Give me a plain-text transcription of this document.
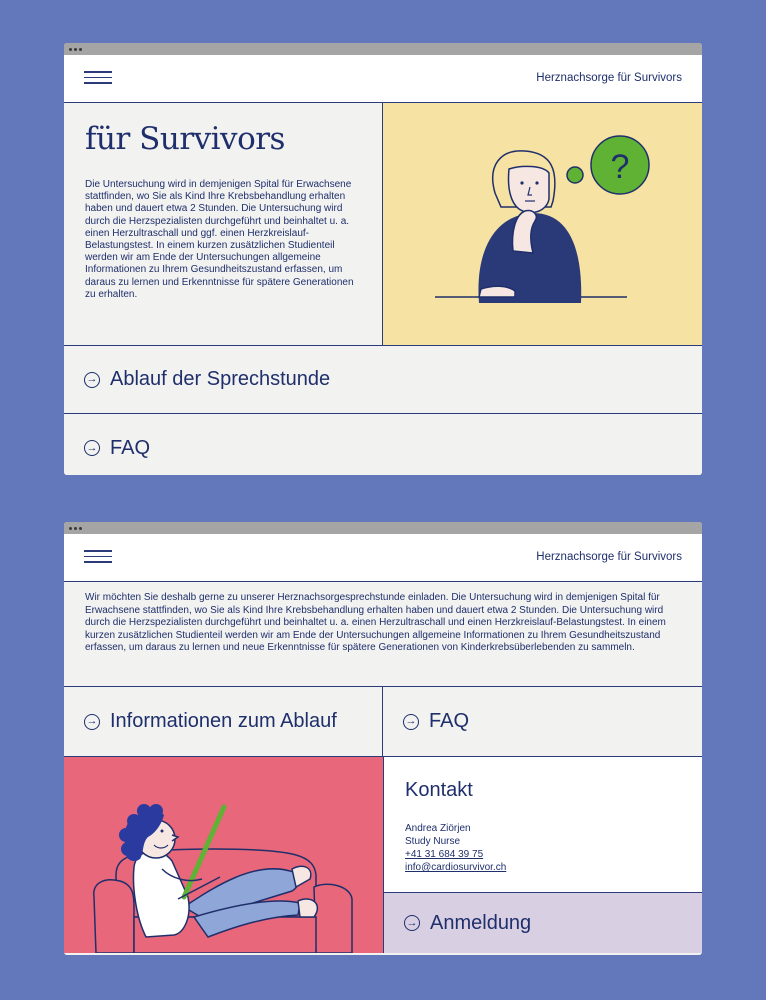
Herznachsorge für Survivors
für Survivors

Die Untersuchung wird in demjenigen Spital für Erwachsene stattfinden, wo Sie als Kind Ihre Krebsbehandlung erhalten haben und dauert etwa 2 Stunden. Die Untersuchung wird durch die Herzspezialisten durchgeführt und beinhaltet u. a. einen Herzultraschall und ggf. einen Herzkreislauf-Belastungstest. In einem kurzen zusätzlichen Studienteil werden wir am Ende der Untersuchungen allgemeine Informationen zu Ihrem Gesundheitszustand erfassen, um daraus zu lernen und Erkenntnisse für spätere Generationen zu erhalten.

?
→ Ablauf der Sprechstunde
→ FAQ
Herznachsorge für Survivors
Wir möchten Sie deshalb gerne zu unserer Herznachsorgesprechstunde einladen. Die Untersuchung wird in demjenigen Spital für Erwachsene stattfinden, wo Sie als Kind Ihre Krebsbehandlung erhalten haben und dauert etwa 2 Stunden. Die Untersuchung wird durch die Herzspezialisten durchgeführt und beinhaltet u. a. einen Herzultraschall und einen Herzkreislauf-Belastungstest. In einem kurzen zusätzlichen Studienteil werden wir am Ende der Untersuchungen allgemeine Informationen zu Ihrem Gesundheitszustand erfassen, um daraus zu lernen und neue Erkenntnisse für spätere Generationen von Kinderkrebsüberlebenden zu sammeln.
→ Informationen zum Ablauf	→ FAQ
Kontakt
Andrea Ziörjen
Study Nurse
+41 31 684 39 75
info@cardiosurvivor.ch
→ Anmeldung
